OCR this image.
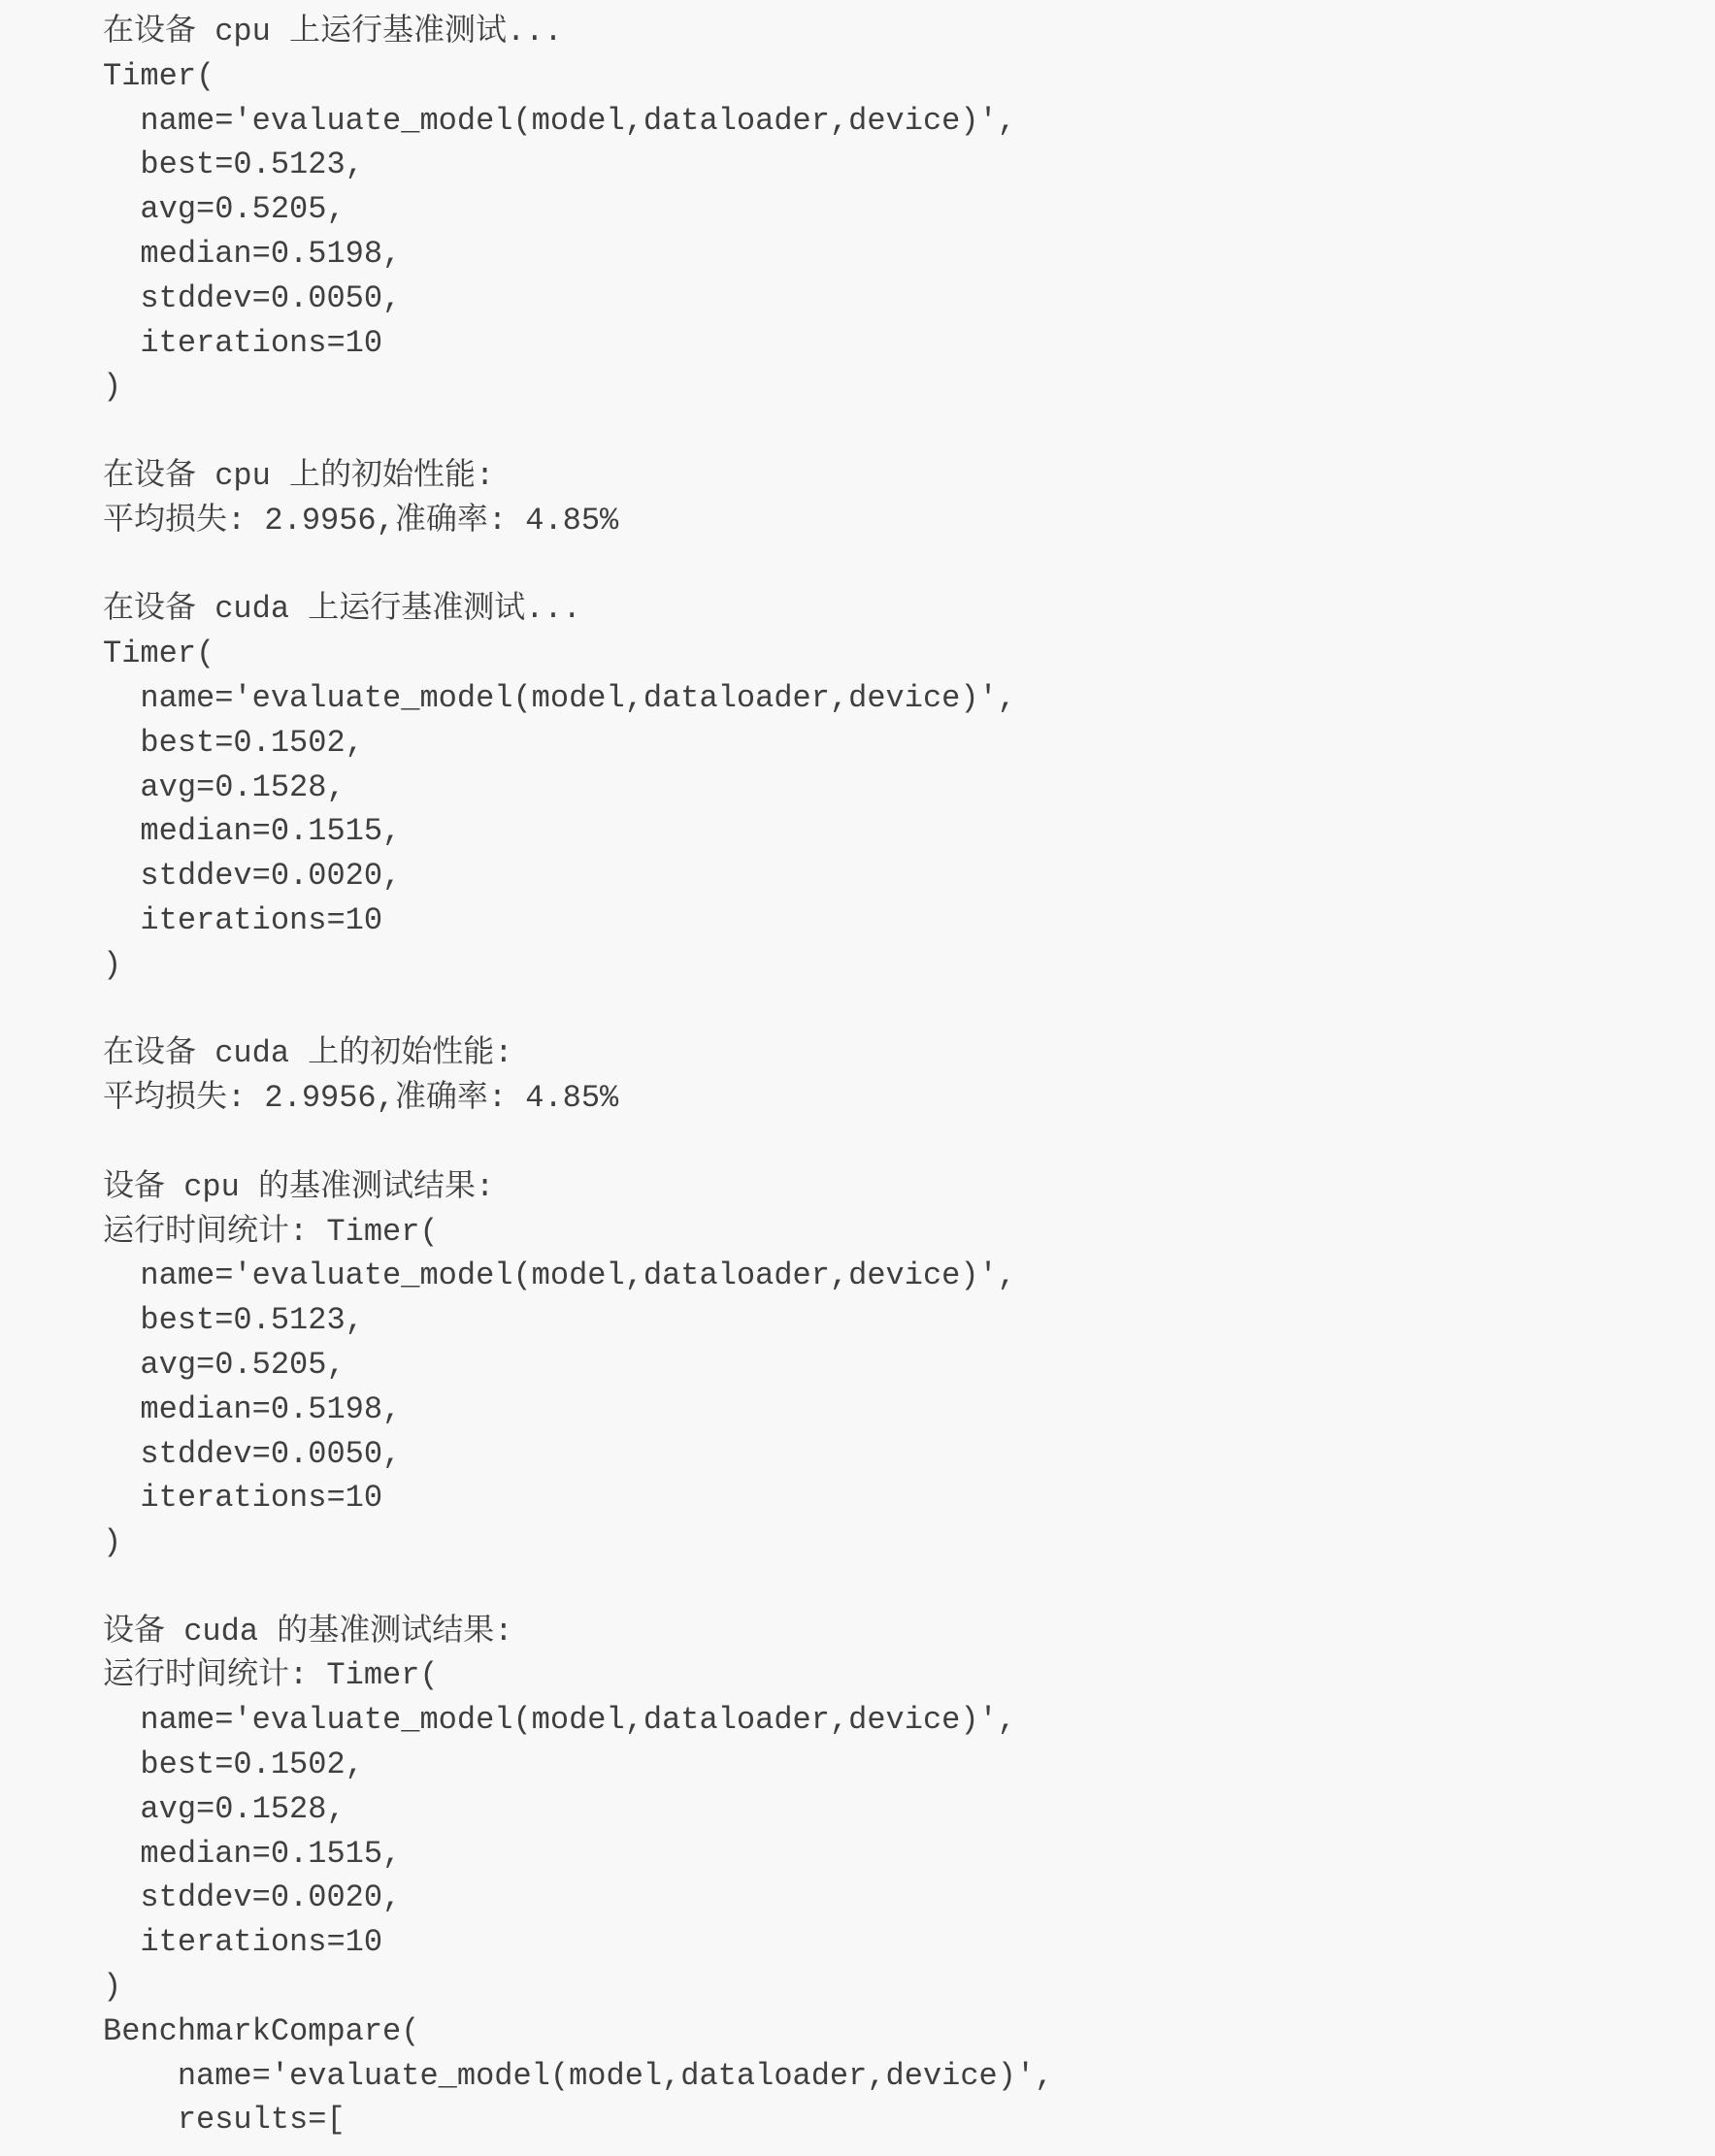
在设备 cpu 上运行基准测试...
Timer(
name='evaluate_model(model,dataloader,device)',
best=0.5123,
avg=0.5205,
median=0.5198,
stddev=0.0050,
iterations=10
)
在设备 cpu 上的初始性能:
平均损失: 2.9956,准确率: 4.85%
在设备 cuda 上运行基准测试...
Timer(
name='evaluate_model(model,dataloader,device)',
best=0.1502,
avg=0.1528,
median=0.1515,
stddev=0.0020,
iterations=10
)
在设备 cuda 上的初始性能:
平均损失: 2.9956,准确率: 4.85%
设备 cpu 的基准测试结果:
运行时间统计: Timer(
name='evaluate_model(model,dataloader,device)',
best=0.5123,
avg=0.5205,
median=0.5198,
stddev=0.0050,
iterations=10
)
设备 cuda 的基准测试结果:
运行时间统计: Timer(
name='evaluate_model(model,dataloader,device)',
best=0.1502,
avg=0.1528,
median=0.1515,
stddev=0.0020,
iterations=10
)
BenchmarkCompare(
name='evaluate_model(model,dataloader,device)',
results=[
